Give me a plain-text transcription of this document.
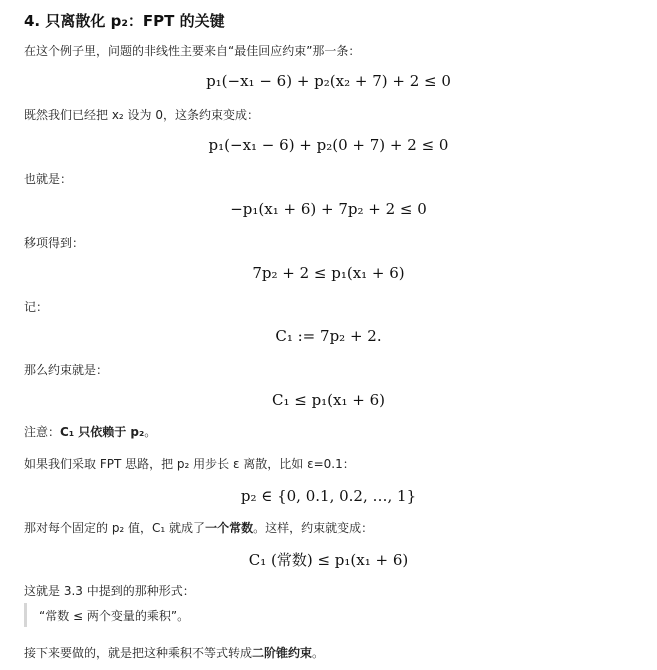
4. 只离散化 p₂：FPT 的关键
在这个例子里，问题的非线性主要来自“最佳回应约束”那一条：
p₁(−x₁ − 6) + p₂(x₂ + 7) + 2 ≤ 0
既然我们已经把 x₂ 设为 0，这条约束变成：
p₁(−x₁ − 6) + p₂(0 + 7) + 2 ≤ 0
也就是：
−p₁(x₁ + 6) + 7p₂ + 2 ≤ 0
移项得到：
7p₂ + 2 ≤ p₁(x₁ + 6)
记：
C₁ := 7p₂ + 2.
那么约束就是：
C₁ ≤ p₁(x₁ + 6)
注意：C₁ 只依赖于 p₂。
如果我们采取 FPT 思路，把 p₂ 用步长 ε 离散，比如 ε=0.1：
p₂ ∈ {0, 0.1, 0.2, …, 1}
那对每个固定的 p₂ 值，C₁ 就成了一个常数。这样，约束就变成：
C₁ (常数) ≤ p₁(x₁ + 6)
这就是 3.3 中提到的那种形式：
“常数 ≤ 两个变量的乘积”。
接下来要做的，就是把这种乘积不等式转成二阶锥约束。
